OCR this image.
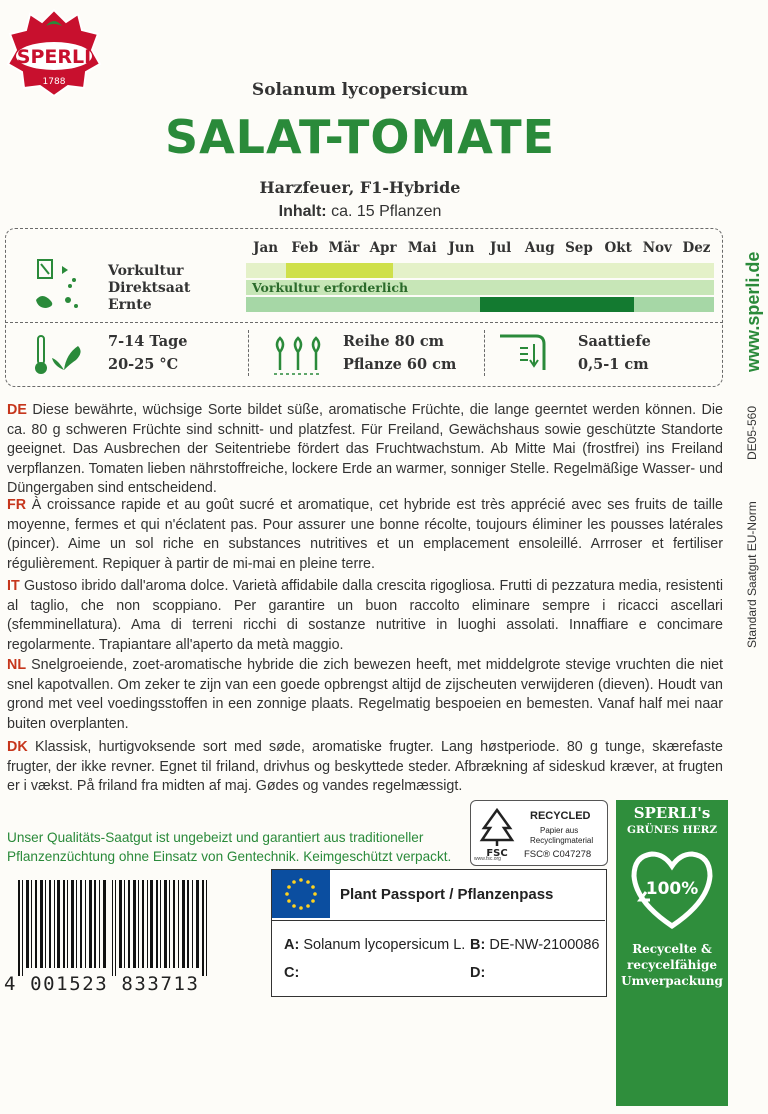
SPERLI
1788	Solanum lycopersicum
SALAT-TOMATE
Harzfeuer, F1-Hybride
Inhalt: ca. 15 Pflanzen
www.sperli.de
DE05-560
Standard Saatgut EU-Norm
Jan Feb Mär Apr Mai Jun	Jul	Aug Sep Okt Nov Dez
Vorkultur
Direktsaat
Ernte
Vorkultur erforderlich
7-14 Tage
20-25 °C
Reihe 80 cm
Pflanze 60 cm
Saattiefe
0,5-1 cm
DE Diese bewährte, wüchsige Sorte bildet süße, aromatische Früchte, die lange geerntet werden können. Die ca. 80 g schweren Früchte sind schnitt- und platzfest. Für Freiland, Gewächshaus sowie geschützte Standorte geeignet. Das Ausbrechen der Seitentriebe fördert das Fruchtwachstum. Ab Mitte Mai (frostfrei) ins Freiland verpflanzen. Tomaten lieben nährstoffreiche, lockere Erde an warmer, sonniger Stelle. Regelmäßige Wasser- und Düngergaben sind entscheidend.
FR À croissance rapide et au goût sucré et aromatique, cet hybride est très apprécié avec ses fruits de taille moyenne, fermes et qui n'éclatent pas. Pour assurer une bonne récolte, toujours éliminer les pousses latérales (pincer). Aime un sol riche en substances nutritives et un emplacement ensoleillé. Arrroser et fertiliser régulièrement. Repiquer à partir de mi-mai en pleine terre.
IT Gustoso ibrido dall'aroma dolce. Varietà affidabile dalla crescita rigogliosa. Frutti di pezzatura media, resistenti al taglio, che non scoppiano. Per garantire un buon raccolto eliminare sempre i ricacci ascellari (sfemminellatura). Ama di terreni ricchi di sostanze nutritive in luoghi assolati. Innaffiare e concimare regolarmente. Trapiantare all'aperto da metà maggio.
NL Snelgroeiende, zoet-aromatische hybride die zich bewezen heeft, met middelgrote stevige vruchten die niet snel kapotvallen. Om zeker te zijn van een goede opbrengst altijd de zijscheuten verwijderen (dieven). Houdt van grond met veel voedingsstoffen in een zonnige plaats. Regelmatig bespoeien en bemesten. Vanaf half mei naar buiten overplanten.
DK Klassisk, hurtigvoksende sort med søde, aromatiske frugter. Lang høstperiode. 80 g tunge, skærefaste frugter, der ikke revner. Egnet til friland, drivhus og beskyttede steder. Afbrækning af sideskud kræver, at frugten er i vækst. På friland fra midten af maj. Gødes og vandes regelmæssigt.
Unser Qualitäts-Saatgut ist ungebeizt und garantiert aus traditioneller Pflanzenzüchtung ohne Einsatz von Gentechnik. Keimgeschützt verpackt.	FSC
www.fsc.org
RECYCLED
Papier aus
Recyclingmaterial
FSC® C047278
SPERLI's
GRÜNES HERZ
100%
Recycelte &
recycelfähige
Umverpackung
Plant Passport / Pflanzenpass
A: Solanum lycopersicum L. B: DE-NW-2100086
C:	D:
4 001523 833713
